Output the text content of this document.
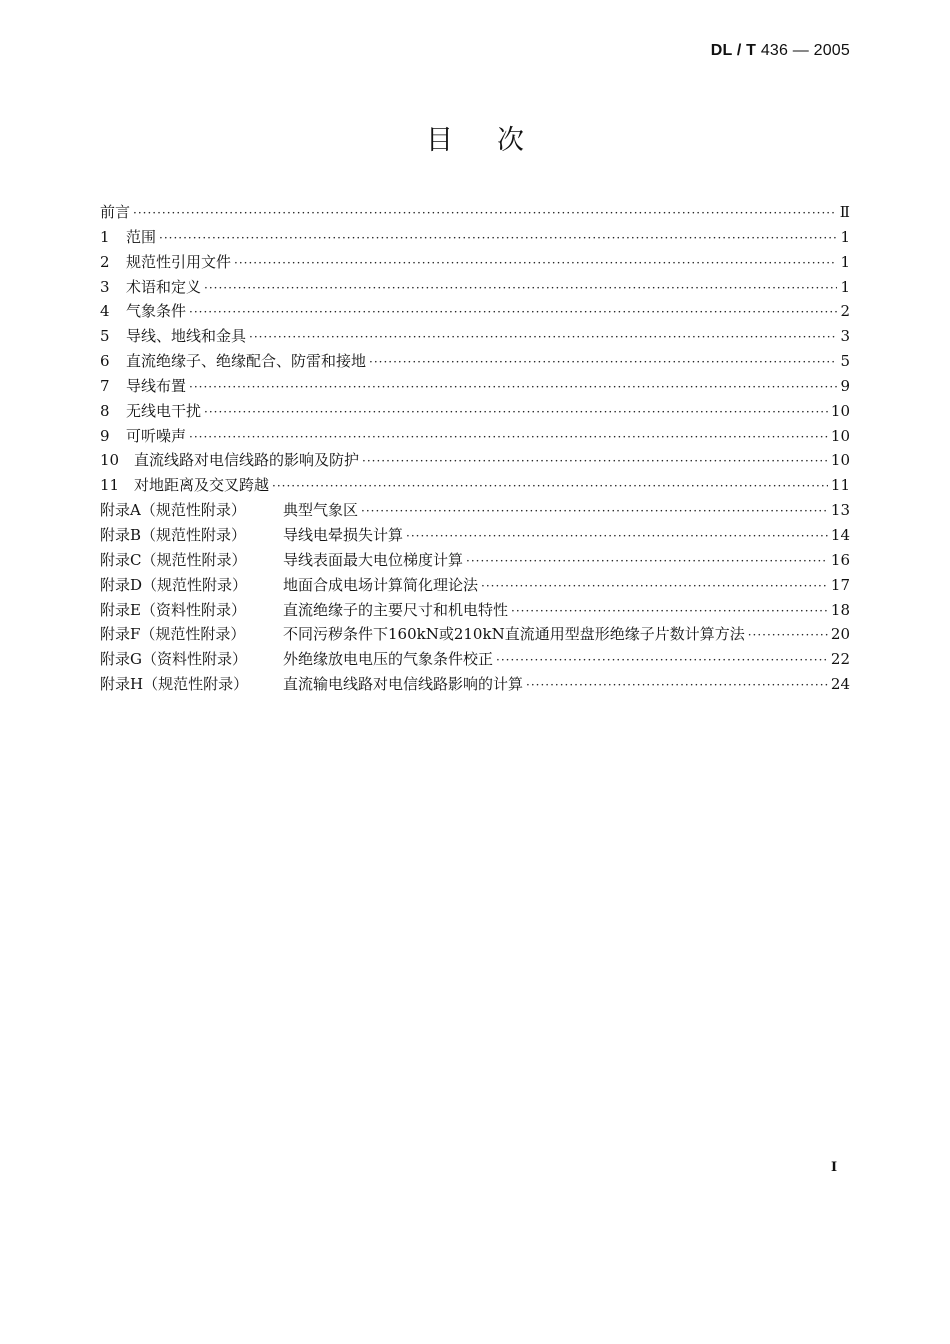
DL / T 436 — 2005
目 次
前言 ·····	Ⅱ
1	范围 ·····	1
2	规范性引用文件 ·····	1
3	术语和定义 ·····	1
4	气象条件 ·····	2
5	导线、地线和金具 ·····	3
6	直流绝缘子、绝缘配合、防雷和接地 ·····	5
7	导线布置 ·····	9
8	无线电干扰 ·····	10
9	可听噪声 ·····	10
10 直流线路对电信线路的影响及防护 ·····	10
11 对地距离及交叉跨越 ·····	11
附录A（规范性附录）	典型气象区 ·····	13
附录B（规范性附录）	导线电晕损失计算 ·····	14
附录C（规范性附录）	导线表面最大电位梯度计算 ·····	16
附录D（规范性附录）	地面合成电场计算简化理论法 ·····	17
附录E（资料性附录）	直流绝缘子的主要尺寸和机电特性 ·····	18
附录F（规范性附录）	不同污秽条件下160kN或210kN直流通用型盘形绝缘子片数计算方法 ·····	20
附录G（资料性附录）	外绝缘放电电压的气象条件校正 ·····	22
附录H（规范性附录）	直流输电线路对电信线路影响的计算 ·····	24
I
